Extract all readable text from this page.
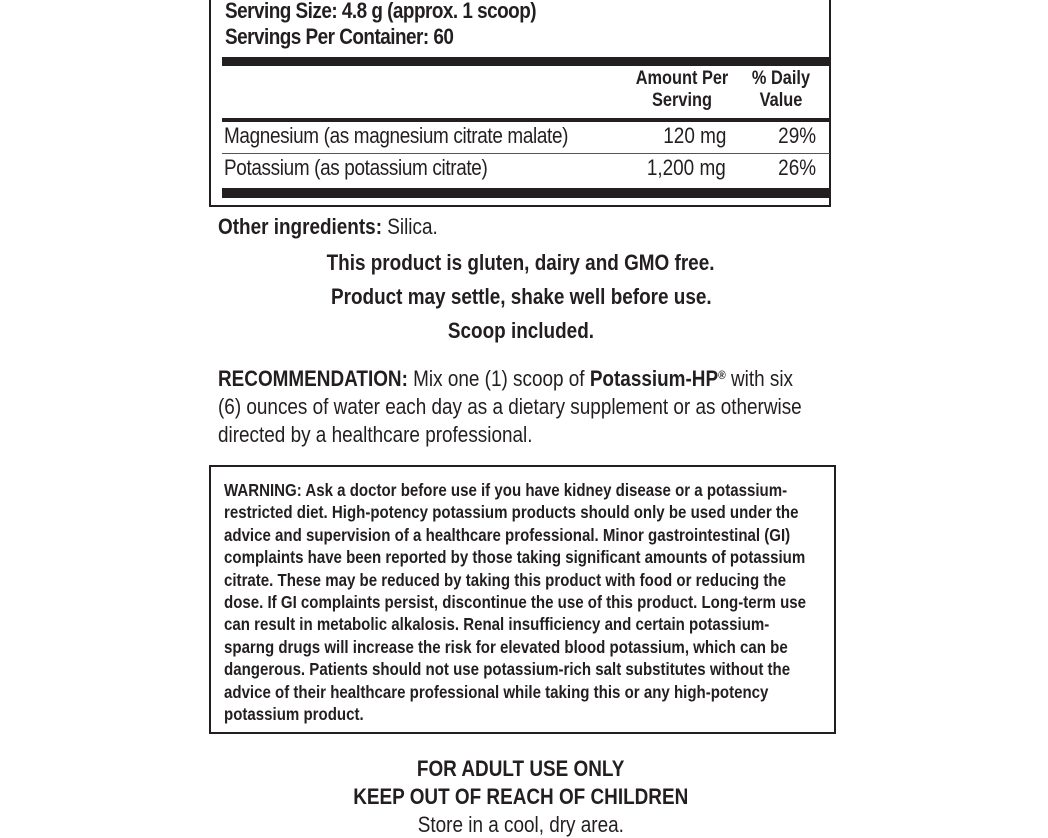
Serving Size: 4.8 g (approx. 1 scoop)
Servings Per Container: 60
Amount Per
Serving
% Daily
Value
Magnesium (as magnesium citrate malate)	120 mg 29%
Potassium (as potassium citrate)	1,200 mg 26%
Other ingredients: Silica.
This product is gluten, dairy and GMO free.
Product may settle, shake well before use.
Scoop included.
RECOMMENDATION: Mix one (1) scoop of Potassium-HP® with six
(6) ounces of water each day as a dietary supplement or as otherwise
directed by a healthcare professional.
WARNING: Ask a doctor before use if you have kidney disease or a potassium-
restricted diet. High-potency potassium products should only be used under the
advice and supervision of a healthcare professional. Minor gastrointestinal (GI)
complaints have been reported by those taking significant amounts of potassium
citrate. These may be reduced by taking this product with food or reducing the
dose. If GI complaints persist, discontinue the use of this product. Long-term use
can result in metabolic alkalosis. Renal insufficiency and certain potassium-
sparng drugs will increase the risk for elevated blood potassium, which can be
dangerous. Patients should not use potassium-rich salt substitutes without the
advice of their healthcare professional while taking this or any high-potency
potassium product.
FOR ADULT USE ONLY
KEEP OUT OF REACH OF CHILDREN
Store in a cool, dry area.
